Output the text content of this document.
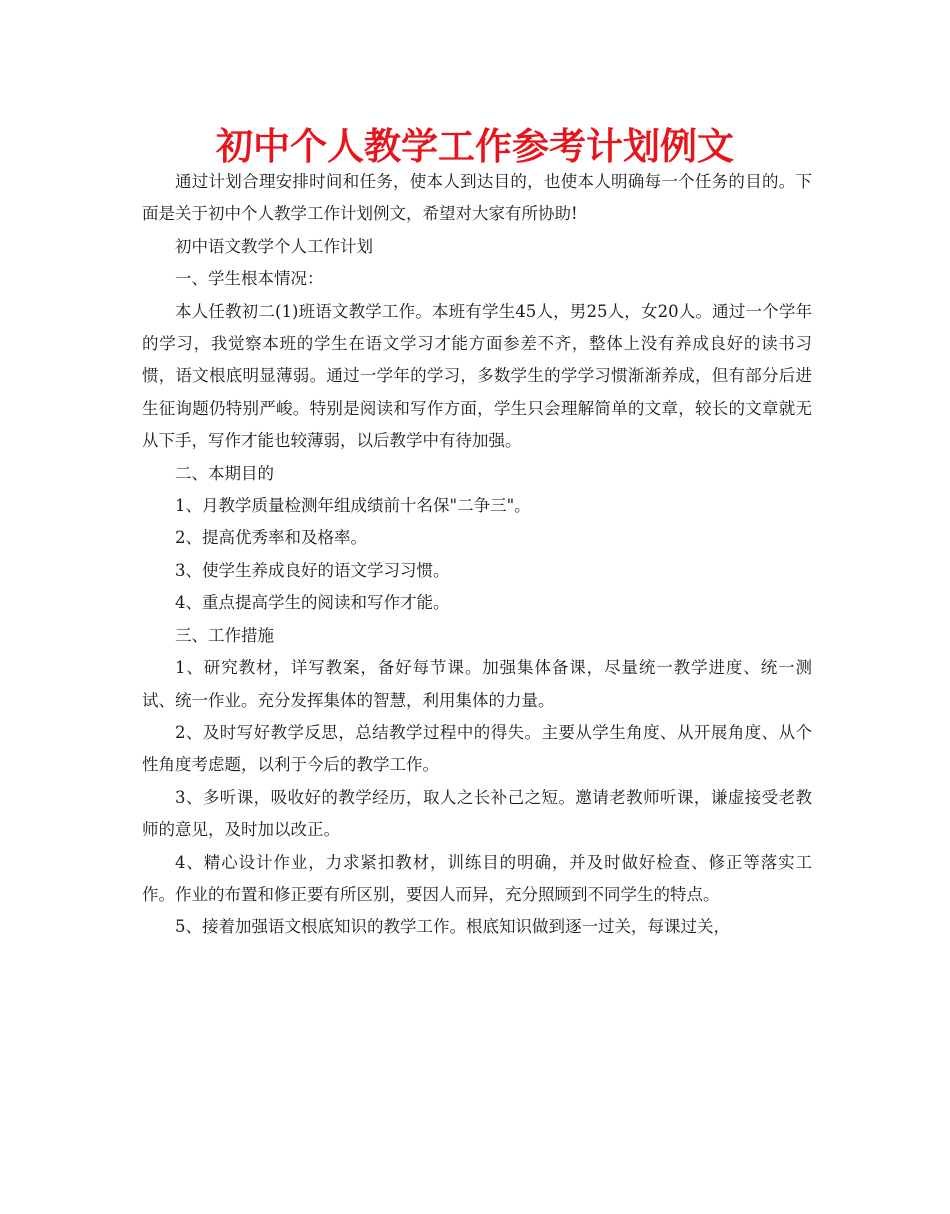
初中个人教学工作参考计划例文

通过计划合理安排时间和任务，使本人到达目的，也使本人明确每一个任务的目的。下面是关于初中个人教学工作计划例文，希望对大家有所协助!

初中语文教学个人工作计划

一、学生根本情况：

本人任教初二(1)班语文教学工作。本班有学生45人，男25人，女20人。通过一个学年的学习，我觉察本班的学生在语文学习才能方面参差不齐，整体上没有养成良好的读书习惯，语文根底明显薄弱。通过一学年的学习，多数学生的学学习惯渐渐养成，但有部分后进生征询题仍特别严峻。特别是阅读和写作方面，学生只会理解简单的文章，较长的文章就无从下手，写作才能也较薄弱，以后教学中有待加强。

二、本期目的

1、月教学质量检测年组成绩前十名保"二争三"。

2、提高优秀率和及格率。

3、使学生养成良好的语文学习习惯。

4、重点提高学生的阅读和写作才能。

三、工作措施

1、研究教材，详写教案，备好每节课。加强集体备课，尽量统一教学进度、统一测试、统一作业。充分发挥集体的智慧，利用集体的力量。

2、及时写好教学反思，总结教学过程中的得失。主要从学生角度、从开展角度、从个性角度考虑题，以利于今后的教学工作。

3、多听课，吸收好的教学经历，取人之长补己之短。邀请老教师听课，谦虚接受老教师的意见，及时加以改正。

4、精心设计作业，力求紧扣教材，训练目的明确，并及时做好检查、修正等落实工作。作业的布置和修正要有所区别，要因人而异，充分照顾到不同学生的特点。

5、接着加强语文根底知识的教学工作。根底知识做到逐一过关，每课过关，
